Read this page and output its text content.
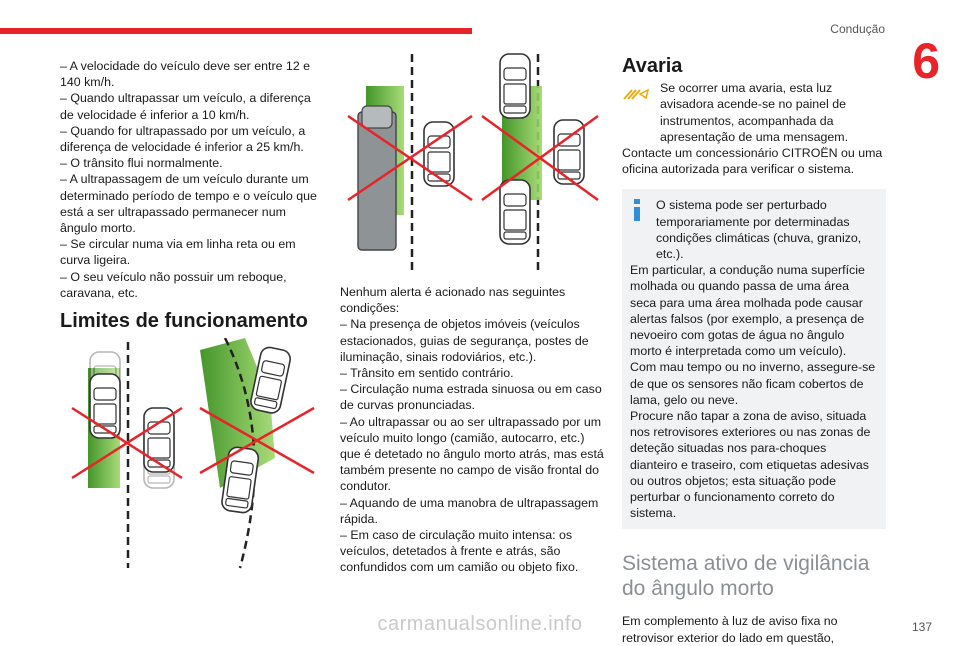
Condução
6

– A velocidade do veículo deve ser entre 12 e 140 km/h.

– Quando ultrapassar um veículo, a diferença de velocidade é inferior a 10 km/h.

– Quando for ultrapassado por um veículo, a diferença de velocidade é inferior a 25 km/h.

– O trânsito flui normalmente.

– A ultrapassagem de um veículo durante um determinado período de tempo e o veículo que está a ser ultrapassado permanecer num ângulo morto.

– Se circular numa via em linha reta ou em curva ligeira.

– O seu veículo não possuir um reboque, caravana, etc.

Limites de funcionamento

Nenhum alerta é acionado nas seguintes condições:

– Na presença de objetos imóveis (veículos estacionados, guias de segurança, postes de iluminação, sinais rodoviários, etc.).

– Trânsito em sentido contrário.

– Circulação numa estrada sinuosa ou em caso de curvas pronunciadas.

– Ao ultrapassar ou ao ser ultrapassado por um veículo muito longo (camião, autocarro, etc.) que é detetado no ângulo morto atrás, mas está também presente no campo de visão frontal do condutor.

– Aquando de uma manobra de ultrapassagem rápida.

– Em caso de circulação muito intensa: os veículos, detetados à frente e atrás, são confundidos com um camião ou objeto fixo.

Avaria

Se ocorrer uma avaria, esta luz avisadora acende-se no painel de instrumentos, acompanhada da apresentação de uma mensagem.

Contacte um concessionário CITROËN ou uma oficina autorizada para verificar o sistema.

O sistema pode ser perturbado temporariamente por determinadas condições climáticas (chuva, granizo, etc.).

Em particular, a condução numa superfície molhada ou quando passa de uma área seca para uma área molhada pode causar alertas falsos (por exemplo, a presença de nevoeiro com gotas de água no ângulo morto é interpretada como um veículo).

Com mau tempo ou no inverno, assegure-se de que os sensores não ficam cobertos de lama, gelo ou neve.

Procure não tapar a zona de aviso, situada nos retrovisores exteriores ou nas zonas de deteção situadas nos para-choques dianteiro e traseiro, com etiquetas adesivas ou outros objetos; esta situação pode perturbar o funcionamento correto do sistema.

Sistema ativo de vigilância do ângulo morto

Em complemento à luz de aviso fixa no retrovisor exterior do lado em questão,

carmanualsonline.info	137
